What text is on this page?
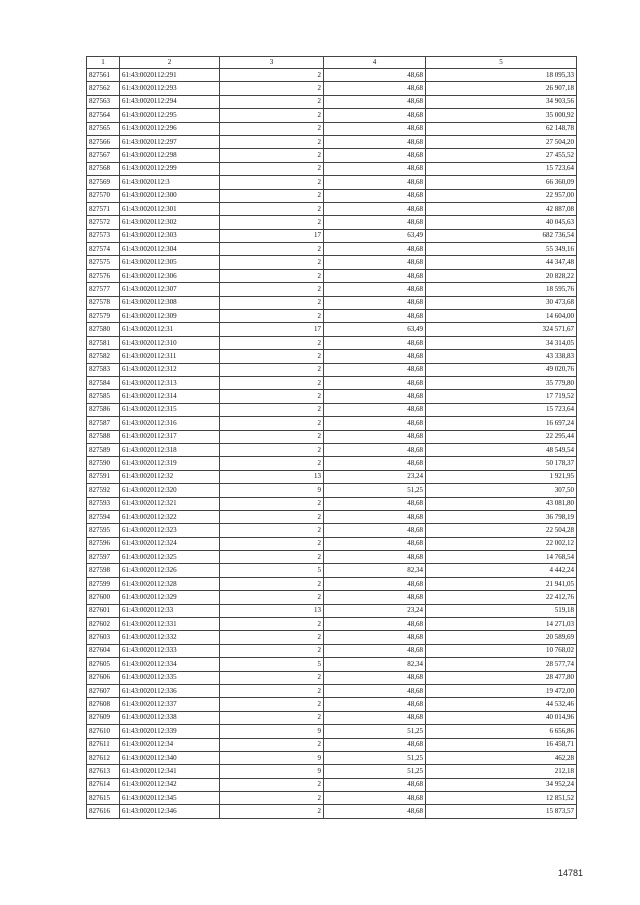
1	2	3	4	5
827561	61:43:0020112:291	2	48,68	18 095,33
827562	61:43:0020112:293	2	48,68	26 907,18
827563	61:43:0020112:294	2	48,68	34 903,56
827564	61:43:0020112:295	2	48,68	35 000,92
827565	61:43:0020112:296	2	48,68	62 148,78
827566	61:43:0020112:297	2	48,68	27 504,20
827567	61:43:0020112:298	2	48,68	27 455,52
827568	61:43:0020112:299	2	48,68	15 723,64
827569	61:43:0020112:3	2	48,68	66 360,09
827570	61:43:0020112:300	2	48,68	22 957,00
827571	61:43:0020112:301	2	48,68	42 887,08
827572	61:43:0020112:302	2	48,68	40 045,63
827573	61:43:0020112:303	17	63,49	682 736,54
827574	61:43:0020112:304	2	48,68	55 349,16
827575	61:43:0020112:305	2	48,68	44 347,48
827576	61:43:0020112:306	2	48,68	20 828,22
827577	61:43:0020112:307	2	48,68	18 595,76
827578	61:43:0020112:308	2	48,68	30 473,68
827579	61:43:0020112:309	2	48,68	14 604,00
827580	61:43:0020112:31	17	63,49	324 571,67
827581	61:43:0020112:310	2	48,68	34 314,05
827582	61:43:0020112:311	2	48,68	43 338,83
827583	61:43:0020112:312	2	48,68	49 020,76
827584	61:43:0020112:313	2	48,68	35 779,80
827585	61:43:0020112:314	2	48,68	17 719,52
827586	61:43:0020112:315	2	48,68	15 723,64
827587	61:43:0020112:316	2	48,68	16 697,24
827588	61:43:0020112:317	2	48,68	22 295,44
827589	61:43:0020112:318	2	48,68	48 549,54
827590	61:43:0020112:319	2	48,68	50 178,37
827591	61:43:0020112:32	13	23,24	1 921,95
827592	61:43:0020112:320	9	51,25	307,50
827593	61:43:0020112:321	2	48,68	43 081,80
827594	61:43:0020112:322	2	48,68	36 798,19
827595	61:43:0020112:323	2	48,68	22 504,28
827596	61:43:0020112:324	2	48,68	22 002,12
827597	61:43:0020112:325	2	48,68	14 768,54
827598	61:43:0020112:326	5	82,34	4 442,24
827599	61:43:0020112:328	2	48,68	21 941,05
827600	61:43:0020112:329	2	48,68	22 412,76
827601	61:43:0020112:33	13	23,24	519,18
827602	61:43:0020112:331	2	48,68	14 271,03
827603	61:43:0020112:332	2	48,68	20 589,69
827604	61:43:0020112:333	2	48,68	10 768,02
827605	61:43:0020112:334	5	82,34	28 577,74
827606	61:43:0020112:335	2	48,68	28 477,80
827607	61:43:0020112:336	2	48,68	19 472,00
827608	61:43:0020112:337	2	48,68	44 532,46
827609	61:43:0020112:338	2	48,68	40 014,96
827610	61:43:0020112:339	9	51,25	6 656,86
827611	61:43:0020112:34	2	48,68	16 458,71
827612	61:43:0020112:340	9	51,25	462,28
827613	61:43:0020112:341	9	51,25	212,18
827614	61:43:0020112:342	2	48,68	34 952,24
827615	61:43:0020112:345	2	48,68	12 851,52
827616	61:43:0020112:346	2	48,68	15 873,57
14781
